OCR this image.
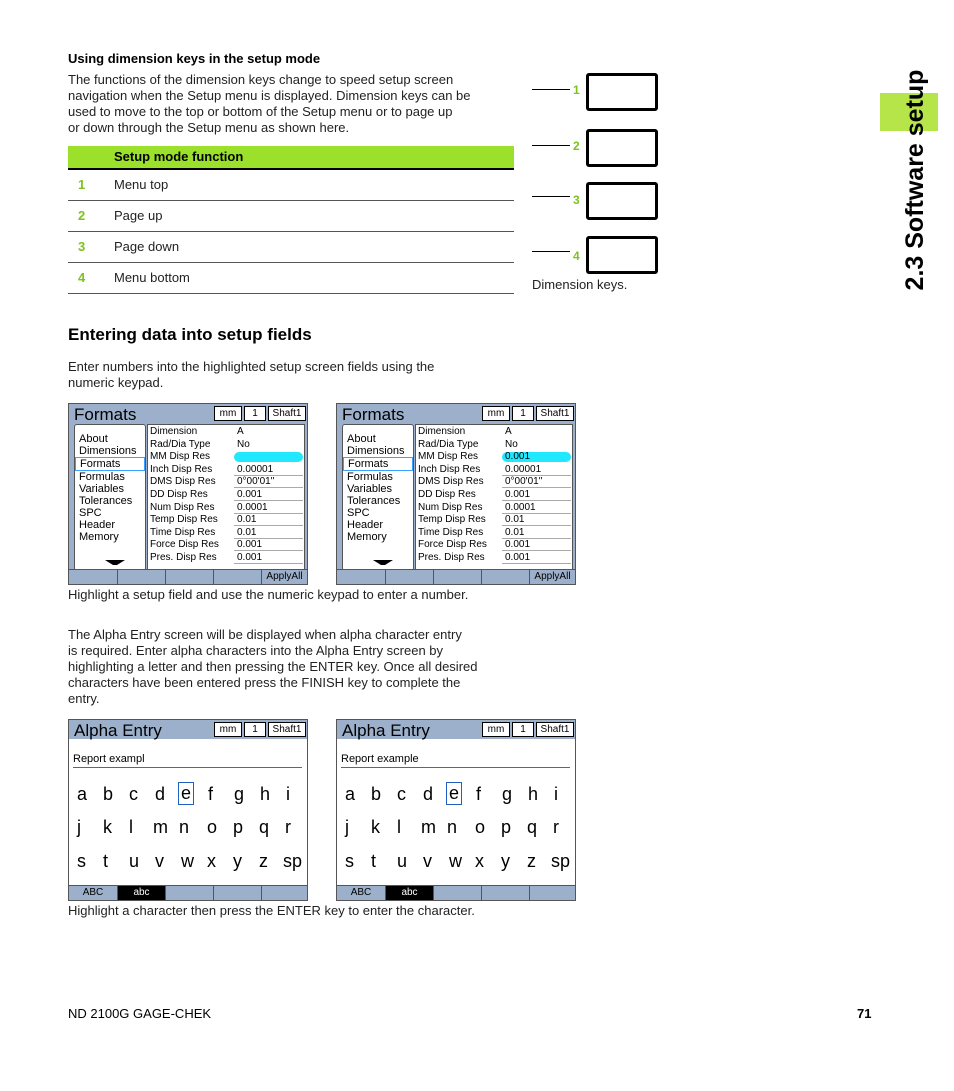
2.3 Software setup
Using dimension keys in the setup mode
The functions of the dimension keys change to speed setup screen
navigation when the Setup menu is displayed. Dimension keys can be
used to move to the top or bottom of the Setup menu or to page up
or down through the Setup menu as shown here.
Setup mode function
1 Menu top
2 Page up
3 Page down
4 Menu bottom
1
2
3
4
Dimension keys.
Entering data into setup fields
Enter numbers into the highlighted setup screen fields using the
numeric keypad.
Formats	mm	1	Shaft1
About
Dimensions
Formats
Formulas
Variables
Tolerances
SPC
Header
Memory
Dimension	A
Rad/Dia Type	No
MM Disp Res
Inch Disp Res	0.00001
DMS Disp Res	0°00'01"
DD Disp Res	0.001
Num Disp Res	0.0001
Temp Disp Res	0.01
Time Disp Res	0.01
Force Disp Res	0.001
Pres. Disp Res	0.001
ApplyAll
Formats	mm	1	Shaft1
About
Dimensions
Formats
Formulas
Variables
Tolerances
SPC
Header
Memory
Dimension	A
Rad/Dia Type	No
MM Disp Res	0.001
Inch Disp Res	0.00001
DMS Disp Res	0°00'01"
DD Disp Res	0.001
Num Disp Res	0.0001
Temp Disp Res	0.01
Time Disp Res	0.01
Force Disp Res	0.001
Pres. Disp Res	0.001
ApplyAll
Highlight a setup field and use the numeric keypad to enter a number.
The Alpha Entry screen will be displayed when alpha character entry
is required. Enter alpha characters into the Alpha Entry screen by
highlighting a letter and then pressing the ENTER key. Once all desired
characters have been entered press the FINISH key to complete the
entry.
Alpha Entry	mm	1	Shaft1
Report exampl
a b c d e f g h i
j k l m n o p q r
s t u v w x y z sp
ABC	abc
Alpha Entry	mm	1	Shaft1
Report example
a b c d e f g h i
j k l m n o p q r
s t u v w x y z sp
ABC	abc
Highlight a character then press the ENTER key to enter the character.
ND 2100G GAGE-CHEK	71
